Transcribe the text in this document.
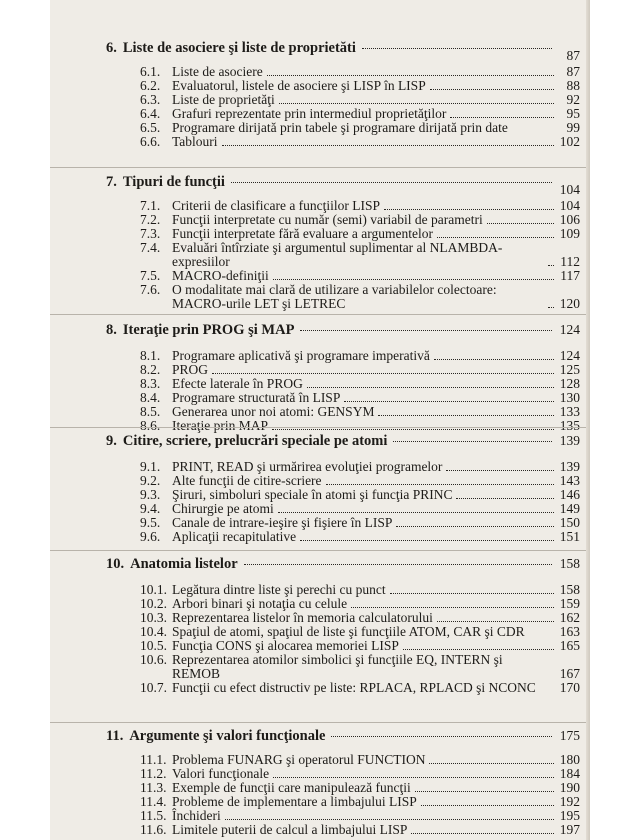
6. Liste de asociere şi liste de proprietăti	87
6.1. Liste de asociere	87
6.2. Evaluatorul, listele de asociere şi LISP în LISP	88
6.3. Liste de proprietăţi	92
6.4. Grafuri reprezentate prin intermediul proprietăţilor	95
6.5. Programare dirijată prin tabele şi programare dirijată prin date	99
6.6. Tablouri	102
7. Tipuri de funcţii	104
7.1. Criterii de clasificare a funcţiilor LISP	104
7.2. Funcţii interpretate cu număr (semi) variabil de parametri	106
7.3. Funcţii interpretate fără evaluare a argumentelor	109
7.4. Evaluări întîrziate şi argumentul suplimentar al NLAMBDA-expresiilor	112
7.5. MACRO-definiţii	117
7.6. O modalitate mai clară de utilizare a variabilelor colectoare: MACRO-urile LET şi LETREC	120
8. Iteraţie prin PROG şi MAP	124
8.1. Programare aplicativă şi programare imperativă	124
8.2. PROG	125
8.3. Efecte laterale în PROG	128
8.4. Programare structurată în LISP	130
8.5. Generarea unor noi atomi: GENSYM	133
8.6. Iteraţie prin MAP	135
9. Citire, scriere, prelucrări speciale pe atomi	139
9.1. PRINT, READ şi urmărirea evoluţiei programelor	139
9.2. Alte funcţii de citire-scriere	143
9.3. Şiruri, simboluri speciale în atomi şi funcţia PRINC	146
9.4. Chirurgie pe atomi	149
9.5. Canale de intrare-ieşire şi fişiere în LISP	150
9.6. Aplicaţii recapitulative	151
10. Anatomia listelor	158
10.1. Legătura dintre liste şi perechi cu punct	158
10.2. Arbori binari şi notaţia cu celule	159
10.3. Reprezentarea listelor în memoria calculatorului	162
10.4. Spaţiul de atomi, spaţiul de liste şi funcţiile ATOM, CAR şi CDR	163
10.5. Funcţia CONS şi alocarea memoriei LISP	165
10.6. Reprezentarea atomilor simbolici şi funcţiile EQ, INTERN şi REMOB	167
10.7. Funcţii cu efect distructiv pe liste: RPLACA, RPLACD şi NCONC 170
11. Argumente şi valori funcţionale	175
11.1. Problema FUNARG şi operatorul FUNCTION	180
11.2. Valori funcţionale	184
11.3. Exemple de funcţii care manipulează funcţii	190
11.4. Probleme de implementare a limbajului LISP	192
11.5. Închideri	195
11.6. Limitele puterii de calcul a limbajului LISP	197
